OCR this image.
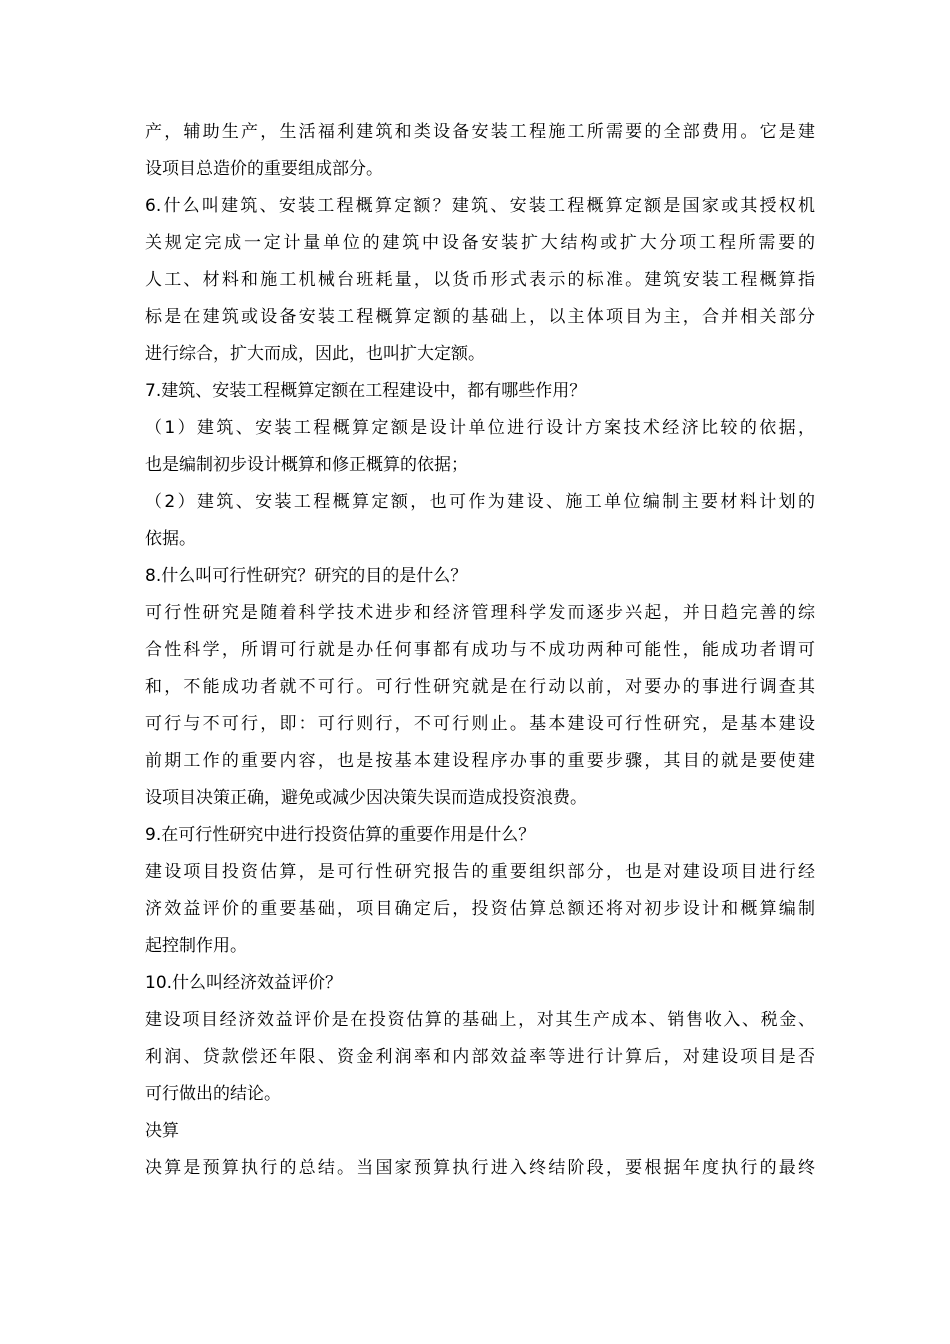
产，辅助生产，生活福利建筑和类设备安装工程施工所需要的全部费用。它是建
设项目总造价的重要组成部分。
6.什么叫建筑、安装工程概算定额？建筑、安装工程概算定额是国家或其授权机
关规定完成一定计量单位的建筑中设备安装扩大结构或扩大分项工程所需要的
人工、材料和施工机械台班耗量，以货币形式表示的标准。建筑安装工程概算指
标是在建筑或设备安装工程概算定额的基础上，以主体项目为主，合并相关部分
进行综合，扩大而成，因此，也叫扩大定额。
7.建筑、安装工程概算定额在工程建设中，都有哪些作用？
（1）建筑、安装工程概算定额是设计单位进行设计方案技术经济比较的依据，
也是编制初步设计概算和修正概算的依据；
（2）建筑、安装工程概算定额，也可作为建设、施工单位编制主要材料计划的
依据。
8.什么叫可行性研究？研究的目的是什么？
可行性研究是随着科学技术进步和经济管理科学发而逐步兴起，并日趋完善的综
合性科学，所谓可行就是办任何事都有成功与不成功两种可能性，能成功者谓可
和，不能成功者就不可行。可行性研究就是在行动以前，对要办的事进行调查其
可行与不可行，即：可行则行，不可行则止。基本建设可行性研究，是基本建设
前期工作的重要内容，也是按基本建设程序办事的重要步骤，其目的就是要使建
设项目决策正确，避免或减少因决策失误而造成投资浪费。
9.在可行性研究中进行投资估算的重要作用是什么？
建设项目投资估算，是可行性研究报告的重要组织部分，也是对建设项目进行经
济效益评价的重要基础，项目确定后，投资估算总额还将对初步设计和概算编制
起控制作用。
10.什么叫经济效益评价？
建设项目经济效益评价是在投资估算的基础上，对其生产成本、销售收入、税金、
利润、贷款偿还年限、资金利润率和内部效益率等进行计算后，对建设项目是否
可行做出的结论。
决算
决算是预算执行的总结。当国家预算执行进入终结阶段，要根据年度执行的最终
